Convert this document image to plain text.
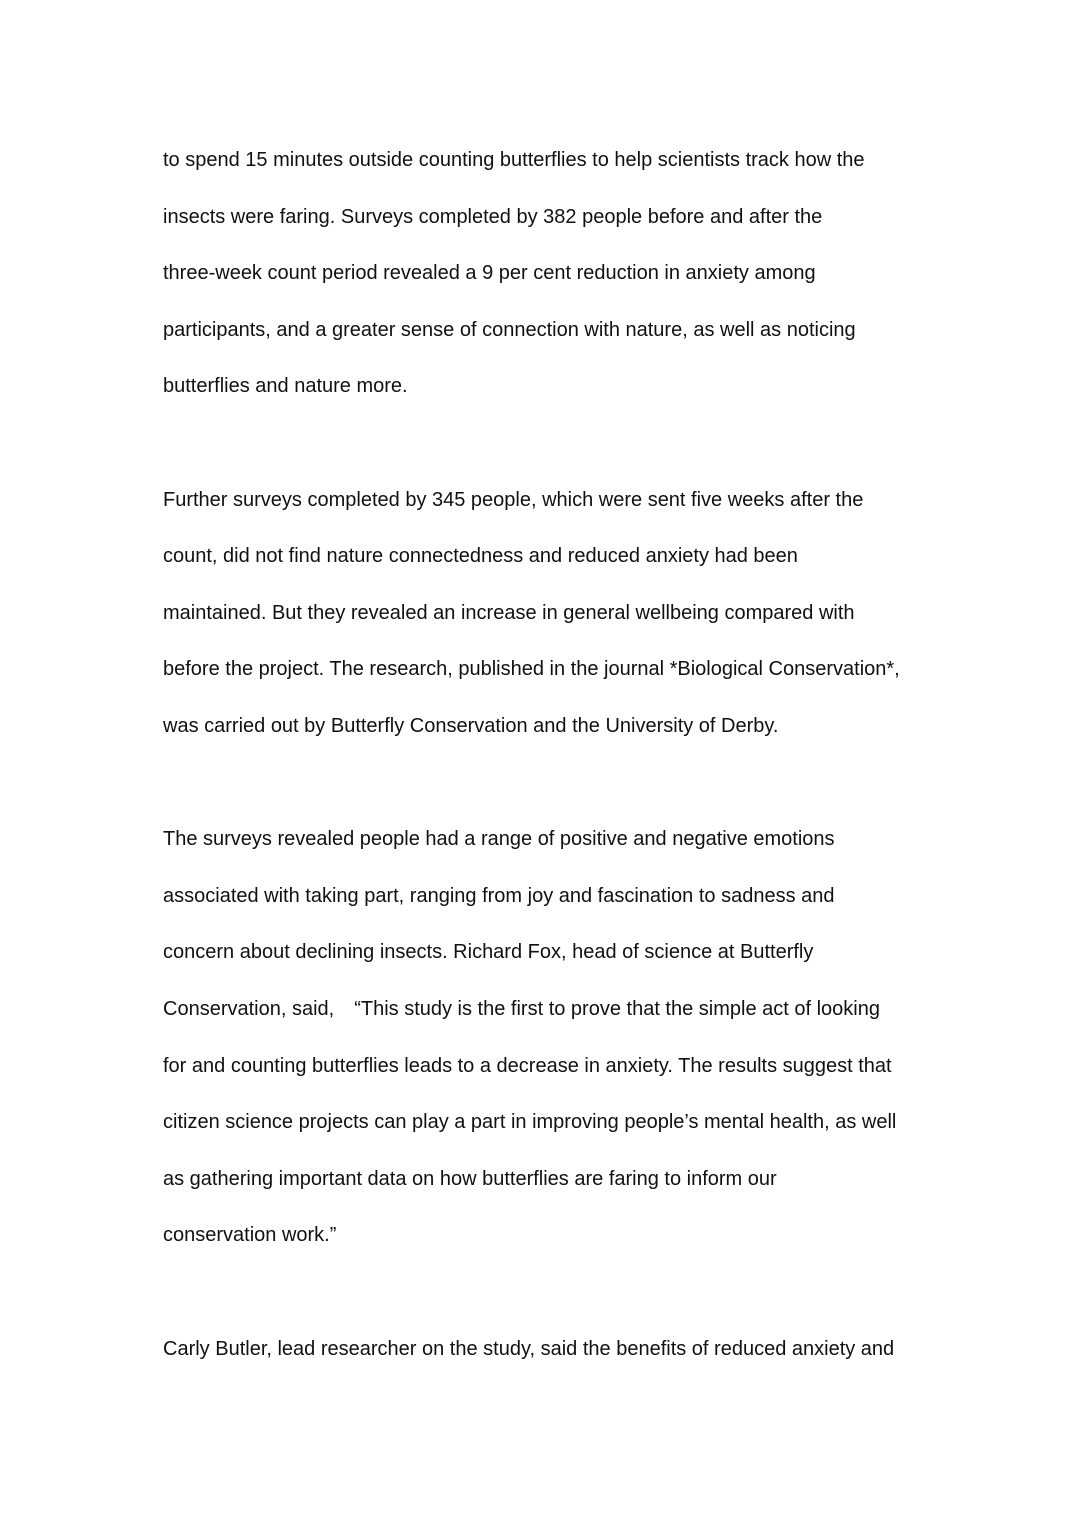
to spend 15 minutes outside counting butterflies to help scientists track how the
insects were faring. Surveys completed by 382 people before and after the
three-week count period revealed a 9 per cent reduction in anxiety among
participants, and a greater sense of connection with nature, as well as noticing
butterflies and nature more.
Further surveys completed by 345 people, which were sent five weeks after the
count, did not find nature connectedness and reduced anxiety had been
maintained. But they revealed an increase in general wellbeing compared with
before the project. The research, published in the journal *Biological Conservation*,
was carried out by Butterfly Conservation and the University of Derby.
The surveys revealed people had a range of positive and negative emotions
associated with taking part, ranging from joy and fascination to sadness and
concern about declining insects. Richard Fox, head of science at Butterfly
Conservation, said,　“This study is the first to prove that the simple act of looking
for and counting butterflies leads to a decrease in anxiety. The results suggest that
citizen science projects can play a part in improving people’s mental health, as well
as gathering important data on how butterflies are faring to inform our
conservation work.”
Carly Butler, lead researcher on the study, said the benefits of reduced anxiety and
